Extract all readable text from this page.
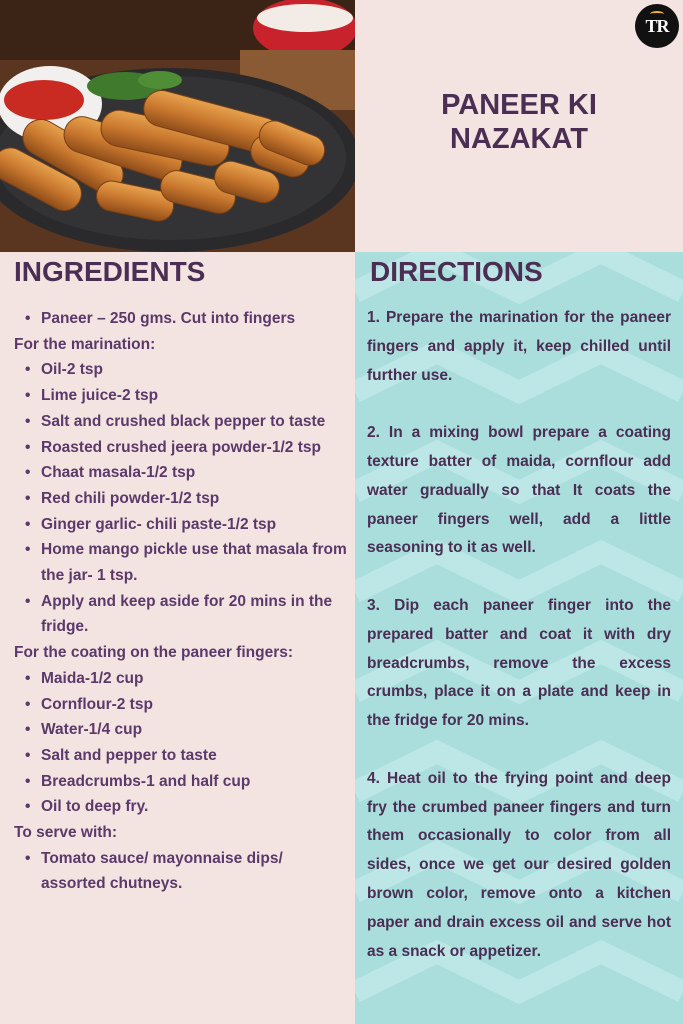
TR
PANEER KI
NAZAKAT
INGREDIENTS
• Paneer – 250 gms. Cut into fingers
For the marination:
• Oil-2 tsp
• Lime juice-2 tsp
• Salt and crushed black pepper to taste
• Roasted crushed jeera powder-1/2 tsp
• Chaat masala-1/2 tsp
• Red chili powder-1/2 tsp
• Ginger garlic- chili paste-1/2 tsp
• Home mango pickle use that masala from the jar- 1 tsp.
• Apply and keep aside for 20 mins in the fridge.
For the coating on the paneer fingers:
• Maida-1/2 cup
• Cornflour-2 tsp
• Water-1/4 cup
• Salt and pepper to taste
• Breadcrumbs-1 and half cup
• Oil to deep fry.
To serve with:
• Tomato sauce/ mayonnaise dips/ assorted chutneys.
DIRECTIONS

1. Prepare the marination for the paneer fingers and apply it, keep chilled until further use.

2. In a mixing bowl prepare a coating texture batter of maida, cornflour add water gradually so that It coats the paneer fingers well, add a little seasoning to it as well.

3. Dip each paneer finger into the prepared batter and coat it with dry breadcrumbs, remove the excess crumbs, place it on a plate and keep in the fridge for 20 mins.

4. Heat oil to the frying point and deep fry the crumbed paneer fingers and turn them occasionally to color from all sides, once we get our desired golden brown color, remove onto a kitchen paper and drain excess oil and serve hot as a snack or appetizer.
